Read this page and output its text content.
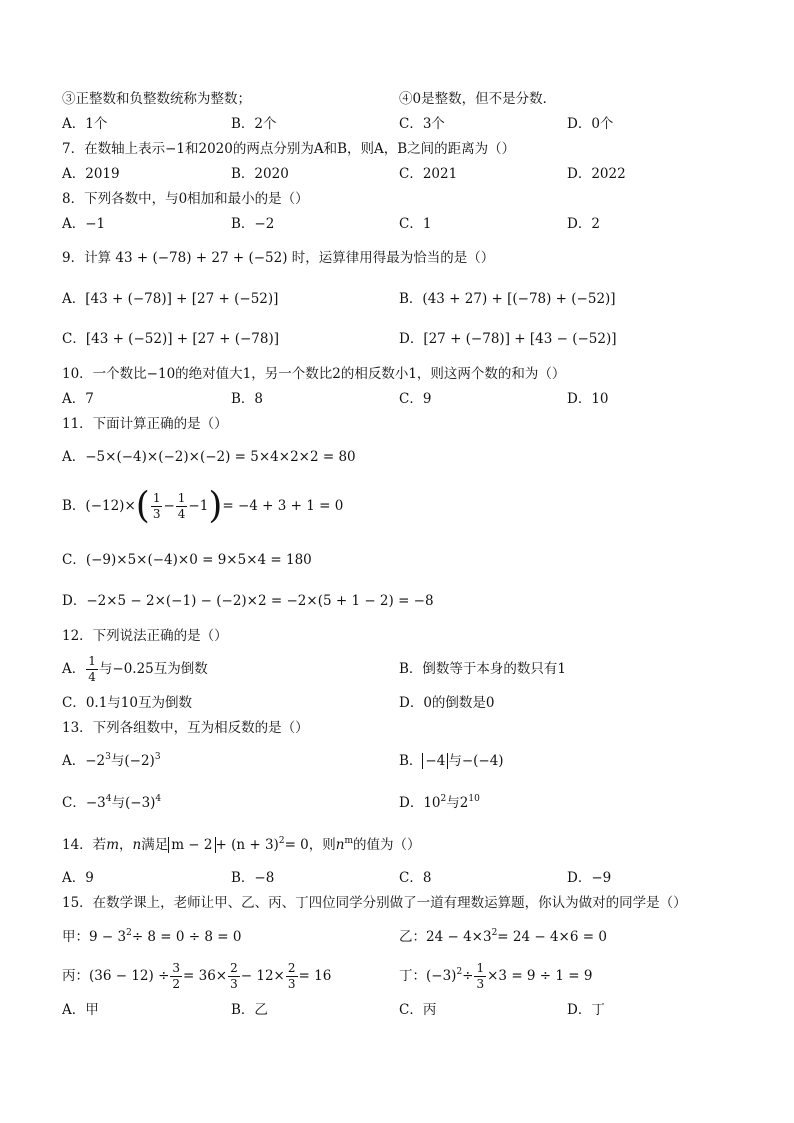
③正整数和负整数统称为整数；	④0是整数，但不是分数．
A．1个	B．2个	C．3个	D．0个
7．在数轴上表示−1和2020的两点分别为A和B，则A，B之间的距离为（）
A．2019	B．2020	C．2021	D．2022
8．下列各数中，与0相加和最小的是（）
A．−1	B．−2	C．1	D．2
9．计算 43 + (−78) + 27 + (−52) 时，运算律用得最为恰当的是（）
A．[43 + (−78)] + [27 + (−52)]	B．(43 + 27) + [(−78) + (−52)]
C．[43 + (−52)] + [27 + (−78)]	D．[27 + (−78)] + [43 − (−52)]
10．一个数比−10的绝对值大1，另一个数比2的相反数小1，则这两个数的和为（）
A．7	B．8	C．9	D．10
11．下面计算正确的是（）
A．−5×(−4)×(−2)×(−2) = 5×4×2×2 = 80
B．$(-12)\times( \frac{1}{3} - \frac{1}{4} -1)= -4 + 3 + 1 = 0$
C．(−9)×5×(−4)×0 = 9×5×4 = 180
D．−2×5 − 2×(−1) − (−2)×2 = −2×(5 + 1 − 2) = −8
12．下列说法正确的是（）
A． $\frac{1}{4}$ 与−0.25互为倒数	B．倒数等于本身的数只有1
C．0.1与10互为倒数	D．0的倒数是0
13．下列各组数中，互为相反数的是（）
A．$-2^3$与$(-2)^3$	B． −4 与−(−4)
C．$-3^4$与$(-3)^4$	D．$10^2$与$2^{10}$
14．若m，n满足 $m - 2 + (n + 3)^2= 0$，则$n^m$的值为（）
A．9	B．−8	C．8	D．−9
15．在数学课上，老师让甲、乙、丙、丁四位同学分别做了一道有理数运算题，你认为做对的同学是（）
甲：$9 - 3^2\div 8 = 0 \div 8 = 0$	乙：$24 - 4\times 3^2= 24 - 4\times 6 = 0$
丙：$(36 - 12) \div \frac{3}{2} = 36\times \frac{2}{3} - 12\times \frac{2}{3} = 16$	丁：$(-3)^2\div \frac{1}{3} \times 3 = 9 \div 1 = 9$
A．甲	B．乙	C．丙	D．丁
